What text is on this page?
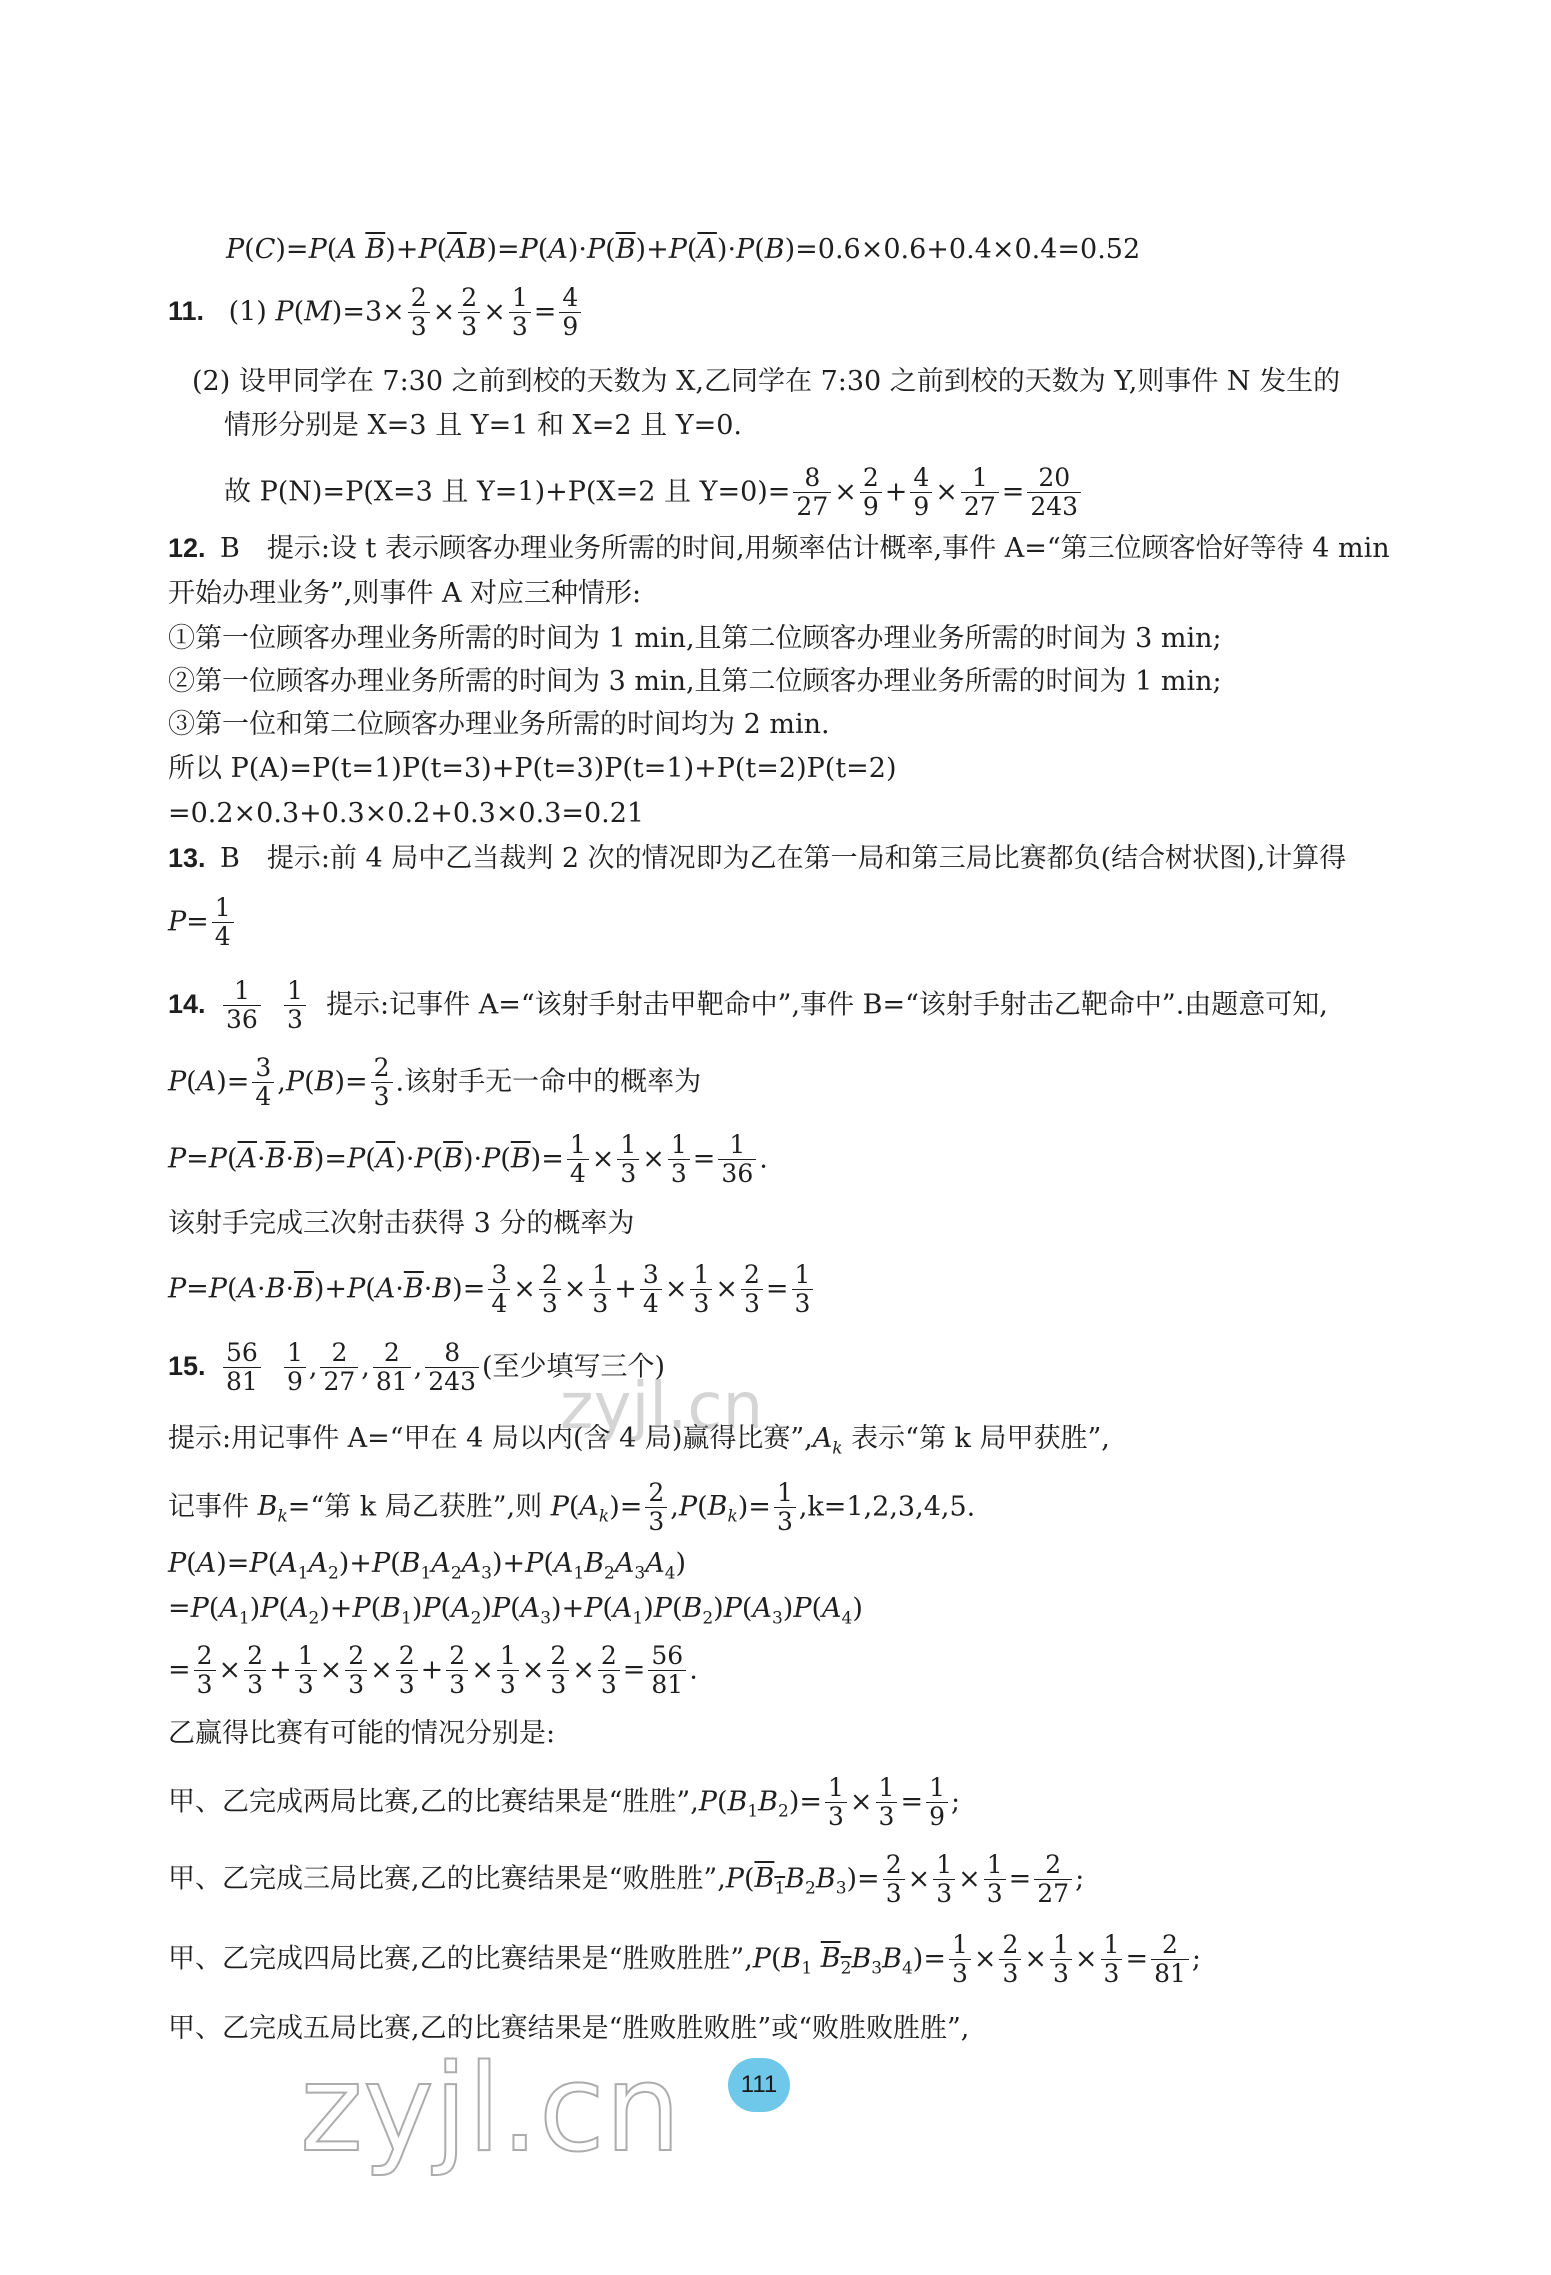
P(C)=P(A $\overline{B})+P(\overline{A}B)=P(A)\cdot P(\overline{B})+P(\overline{A})\cdot P(B)=0.6\times 0.6+0.4\times 0.4=0.52$
11. (1) $P(M)=3\times \frac{2}{3} \times \frac{2}{3} \times \frac{1}{3} = \frac{4}{9}$
(2) 设甲同学在 7:30 之前到校的天数为 X,乙同学在 7:30 之前到校的天数为 Y,则事件 N 发生的
情形分别是 X=3 且 Y=1 和 X=2 且 Y=0.
故 P(N)=P(X=3 且 Y=1)+P(X=2 且 $Y=0)= \frac{8}{27} \times \frac{2}{9} + \frac{4}{9} \times \frac{1}{27} = \frac{20}{243}$
12. B　提示:设 t 表示顾客办理业务所需的时间,用频率估计概率,事件 A=“第三位顾客恰好等待 4 min
开始办理业务”,则事件 A 对应三种情形:
①第一位顾客办理业务所需的时间为 1 min,且第二位顾客办理业务所需的时间为 3 min;
②第一位顾客办理业务所需的时间为 3 min,且第二位顾客办理业务所需的时间为 1 min;
③第一位和第二位顾客办理业务所需的时间均为 2 min.
所以 P(A)=P(t=1)P(t=3)+P(t=3)P(t=1)+P(t=2)P(t=2)
=0.2×0.3+0.3×0.2+0.3×0.3=0.21
13. B　提示:前 4 局中乙当裁判 2 次的情况即为乙在第一局和第三局比赛都负(结合树状图),计算得
$P= \frac{1}{4}$
14. $\frac{1}{36}$
$\frac{1}{3}$ 提示:记事件 A=“该射手射击甲靶命中”,事件 B=“该射手射击乙靶命中”.由题意可知,
$P(A)= \frac{3}{4} ,P(B)= \frac{2}{3}$ .该射手无一命中的概率为
$P=P(\overline{A}\cdot\overline{B}\cdot\overline{B})=P(\overline{A})\cdot P(\overline{B})\cdot P(\overline{B})= \frac{1}{4} \times \frac{1}{3} \times \frac{1}{3} = \frac{1}{36}$ .
该射手完成三次射击获得 3 分的概率为
$P=P(A\cdot B\cdot\overline{B})+P(A\cdot\overline{B}\cdot B)= \frac{3}{4} \times \frac{2}{3} \times \frac{1}{3} + \frac{3}{4} \times \frac{1}{3} \times \frac{2}{3} = \frac{1}{3}$
15. $\frac{56}{81}$
$\frac{1}{9}$ , $\frac{2}{27}$ , $\frac{2}{81}$ , $\frac{8}{243}$ (至少填写三个)
提示:用记事件 A=“甲在 4 局以内(含 4 局)赢得比赛$”,A_k$ 表示“第 k 局甲获胜”,
记事件 $B_k=“$第 k 局乙获胜”,则 $P(A_k)= \frac{2}{3} ,P(B_k)= \frac{1}{3} ,k=1,2,3,4,5$.
$P(A)=P(A_1A_2)+P(B_1A_2A_3)+P(A_1B_2A_3A_4)$
$=P(A_1)P(A_2)+P(B_1)P(A_2)P(A_3)+P(A_1)P(B_2)P(A_3)P(A_4)$
= $\frac{2}{3} \times \frac{2}{3} + \frac{1}{3} \times \frac{2}{3} \times \frac{2}{3} + \frac{2}{3} \times \frac{1}{3} \times \frac{2}{3} \times \frac{2}{3} = \frac{56}{81}$ .
乙赢得比赛有可能的情况分别是:
甲、乙完成两局比赛,乙的比赛结果是“胜胜$”,P(B_1B_2)= \frac{1}{3} \times \frac{1}{3} = \frac{1}{9}$ ;
甲、乙完成三局比赛,乙的比赛结果是“败胜胜$”,P(B_1B_2B_3)= \frac{2}{3} \times \frac{1}{3} \times \frac{1}{3} = \frac{2}{27}$ ;
甲、乙完成四局比赛,乙的比赛结果是“胜败胜胜$”,P(B_1$ $B_2B_3B_4)= \frac{1}{3} \times \frac{2}{3} \times \frac{1}{3} \times \frac{1}{3} = \frac{2}{81}$ ;
甲、乙完成五局比赛,乙的比赛结果是“胜败胜败胜”或“败胜败胜胜”,
zyjl.cn
zyjl.cn	111
